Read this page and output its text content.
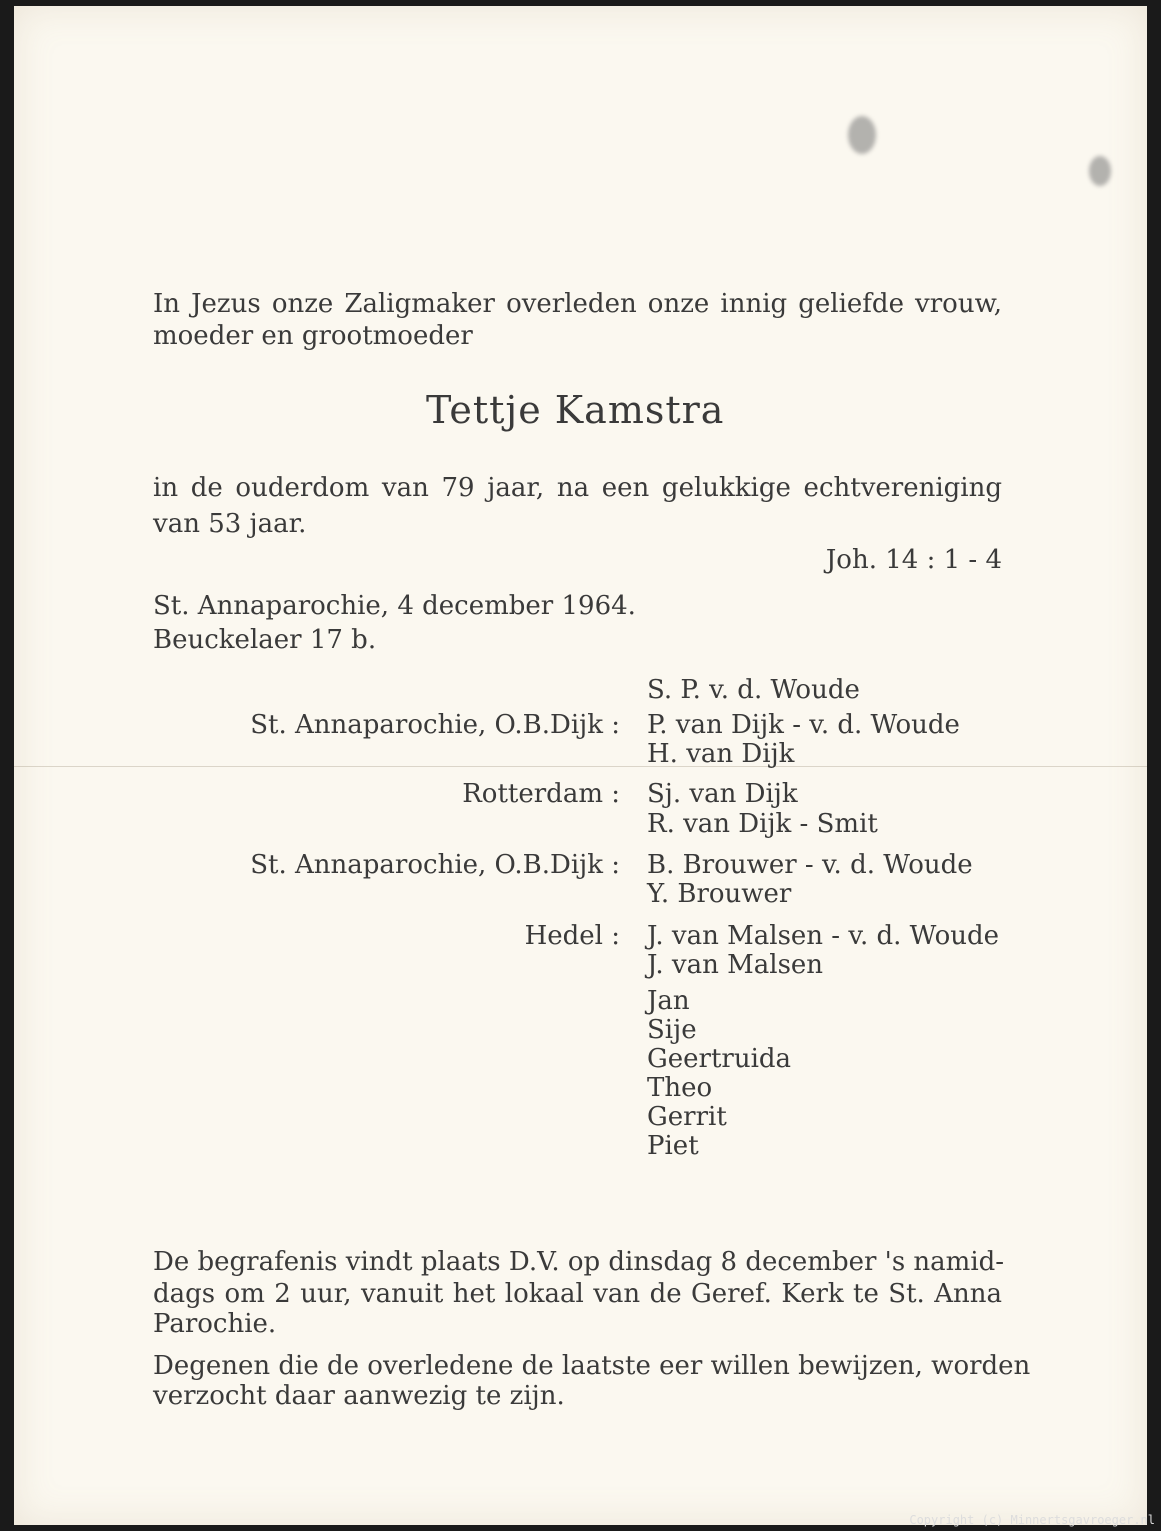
In Jezus onze Zaligmaker overleden onze innig geliefde vrouw,

moeder en grootmoeder

Tettje Kamstra

in de ouderdom van 79 jaar, na een gelukkige echtvereniging

van 53 jaar.

Joh. 14 : 1 - 4

St. Annaparochie, 4 december 1964.

Beuckelaer 17 b.

S. P. v. d. Woude

St. Annaparochie, O.B.Dijk : P. van Dijk - v. d. Woude

H. van Dijk

Rotterdam : Sj. van Dijk

R. van Dijk - Smit

St. Annaparochie, O.B.Dijk : B. Brouwer - v. d. Woude

Y. Brouwer

Hedel : J. van Malsen - v. d. Woude

J. van Malsen

Jan

Sije

Geertruida

Theo

Gerrit

Piet

De begrafenis vindt plaats D.V. op dinsdag 8 december 's namid-

dags om 2 uur, vanuit het lokaal van de Geref. Kerk te St. Anna

Parochie.

Degenen die de overledene de laatste eer willen bewijzen, worden

verzocht daar aanwezig te zijn.

Copyright (c) Minnertsgavroeger.nl
